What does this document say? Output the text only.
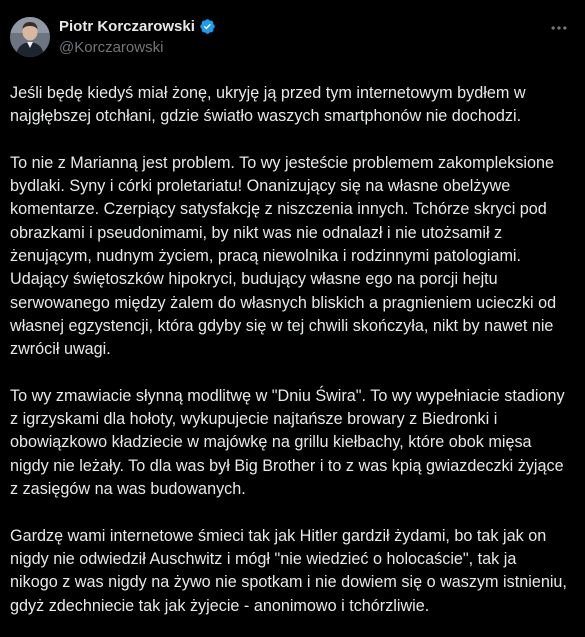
Piotr Korczarowski
@Korczarowski

Jeśli będę kiedyś miał żonę, ukryję ją przed tym internetowym bydłem w najgłębszej otchłani, gdzie światło waszych smartphonów nie dochodzi.

To nie z Marianną jest problem. To wy jesteście problemem zakompleksione bydlaki. Syny i córki proletariatu! Onanizujący się na własne obelżywe komentarze. Czerpiący satysfakcję z niszczenia innych. Tchórze skryci pod obrazkami i pseudonimami, by nikt was nie odnalazł i nie utożsamił z żenującym, nudnym życiem, pracą niewolnika i rodzinnymi patologiami. Udający świętoszków hipokryci, budujący własne ego na porcji hejtu serwowanego między żalem do własnych bliskich a pragnieniem ucieczki od własnej egzystencji, która gdyby się w tej chwili skończyła, nikt by nawet nie zwrócił uwagi.

To wy zmawiacie słynną modlitwę w "Dniu Świra". To wy wypełniacie stadiony z igrzyskami dla hołoty, wykupujecie najtańsze browary z Biedronki i obowiązkowo kładziecie w majówkę na grillu kiełbachy, które obok mięsa nigdy nie leżały. To dla was był Big Brother i to z was kpią gwiazdeczki żyjące z zasięgów na was budowanych.

Gardzę wami internetowe śmieci tak jak Hitler gardził żydami, bo tak jak on nigdy nie odwiedził Auschwitz i mógł "nie wiedzieć o holocaście", tak ja nikogo z was nigdy na żywo nie spotkam i nie dowiem się o waszym istnieniu, gdyż zdechniecie tak jak żyjecie - anonimowo i tchórzliwie.
